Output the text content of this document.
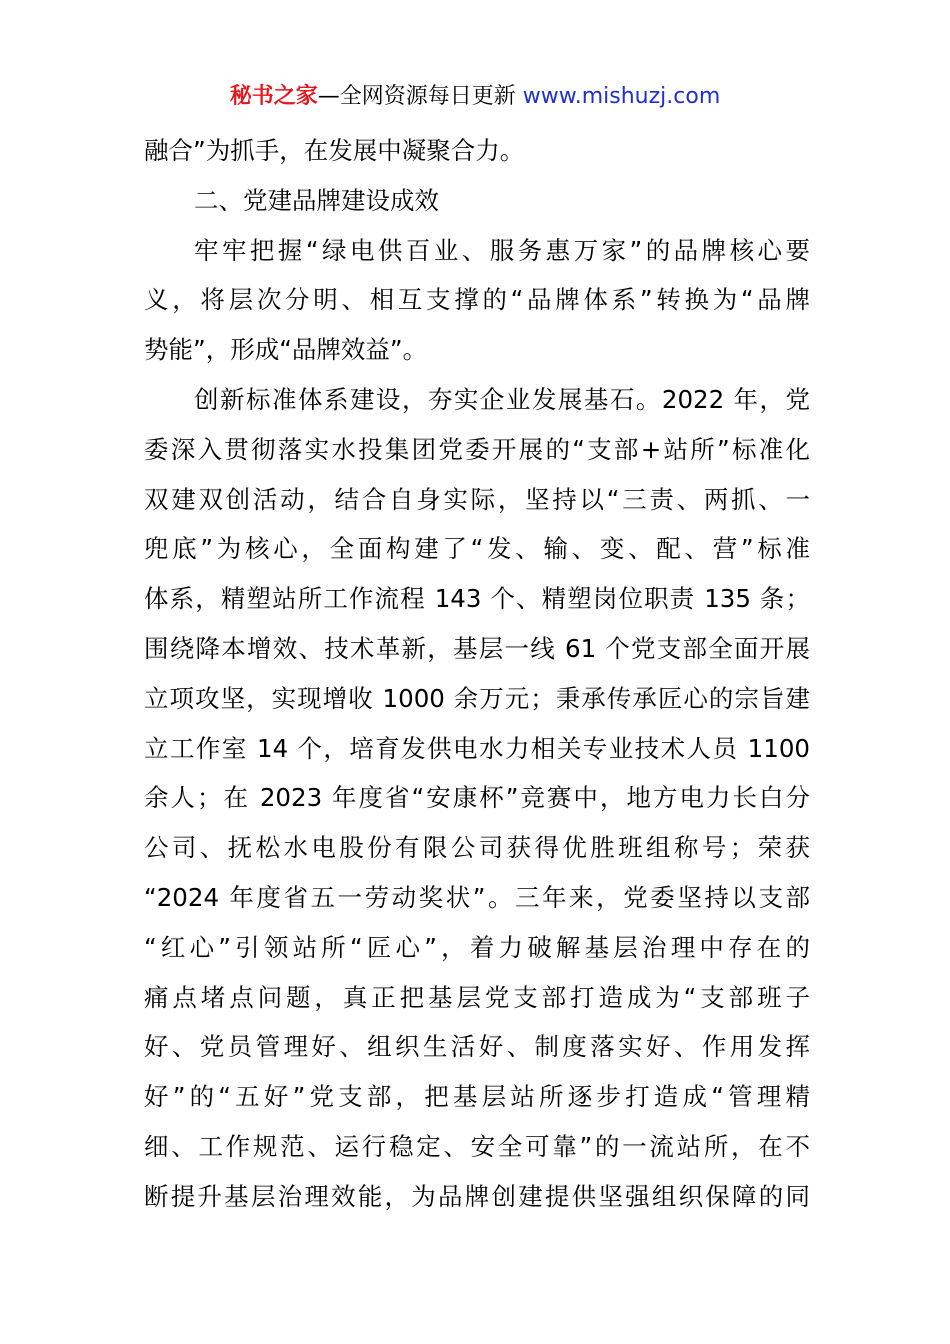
秘书之家—全网资源每日更新 www.mishuzj.com
融合”为抓手，在发展中凝聚合力。
二、党建品牌建设成效
牢牢把握“绿电供百业、服务惠万家”的品牌核心要
义，将层次分明、相互支撑的“品牌体系”转换为“品牌
势能”，形成“品牌效益”。
创新标准体系建设，夯实企业发展基石。2022 年，党
委深入贯彻落实水投集团党委开展的“支部+站所”标准化
双建双创活动，结合自身实际，坚持以“三责、两抓、一
兜底”为核心，全面构建了“发、输、变、配、营”标准
体系，精塑站所工作流程 143 个、精塑岗位职责 135 条；
围绕降本增效、技术革新，基层一线 61 个党支部全面开展
立项攻坚，实现增收 1000 余万元；秉承传承匠心的宗旨建
立工作室 14 个，培育发供电水力相关专业技术人员 1100
余人；在 2023 年度省“安康杯”竞赛中，地方电力长白分
公司、抚松水电股份有限公司获得优胜班组称号；荣获
“2024 年度省五一劳动奖状”。三年来，党委坚持以支部
“红心”引领站所“匠心”，着力破解基层治理中存在的
痛点堵点问题，真正把基层党支部打造成为“支部班子
好、党员管理好、组织生活好、制度落实好、作用发挥
好”的“五好”党支部，把基层站所逐步打造成“管理精
细、工作规范、运行稳定、安全可靠”的一流站所，在不
断提升基层治理效能，为品牌创建提供坚强组织保障的同
